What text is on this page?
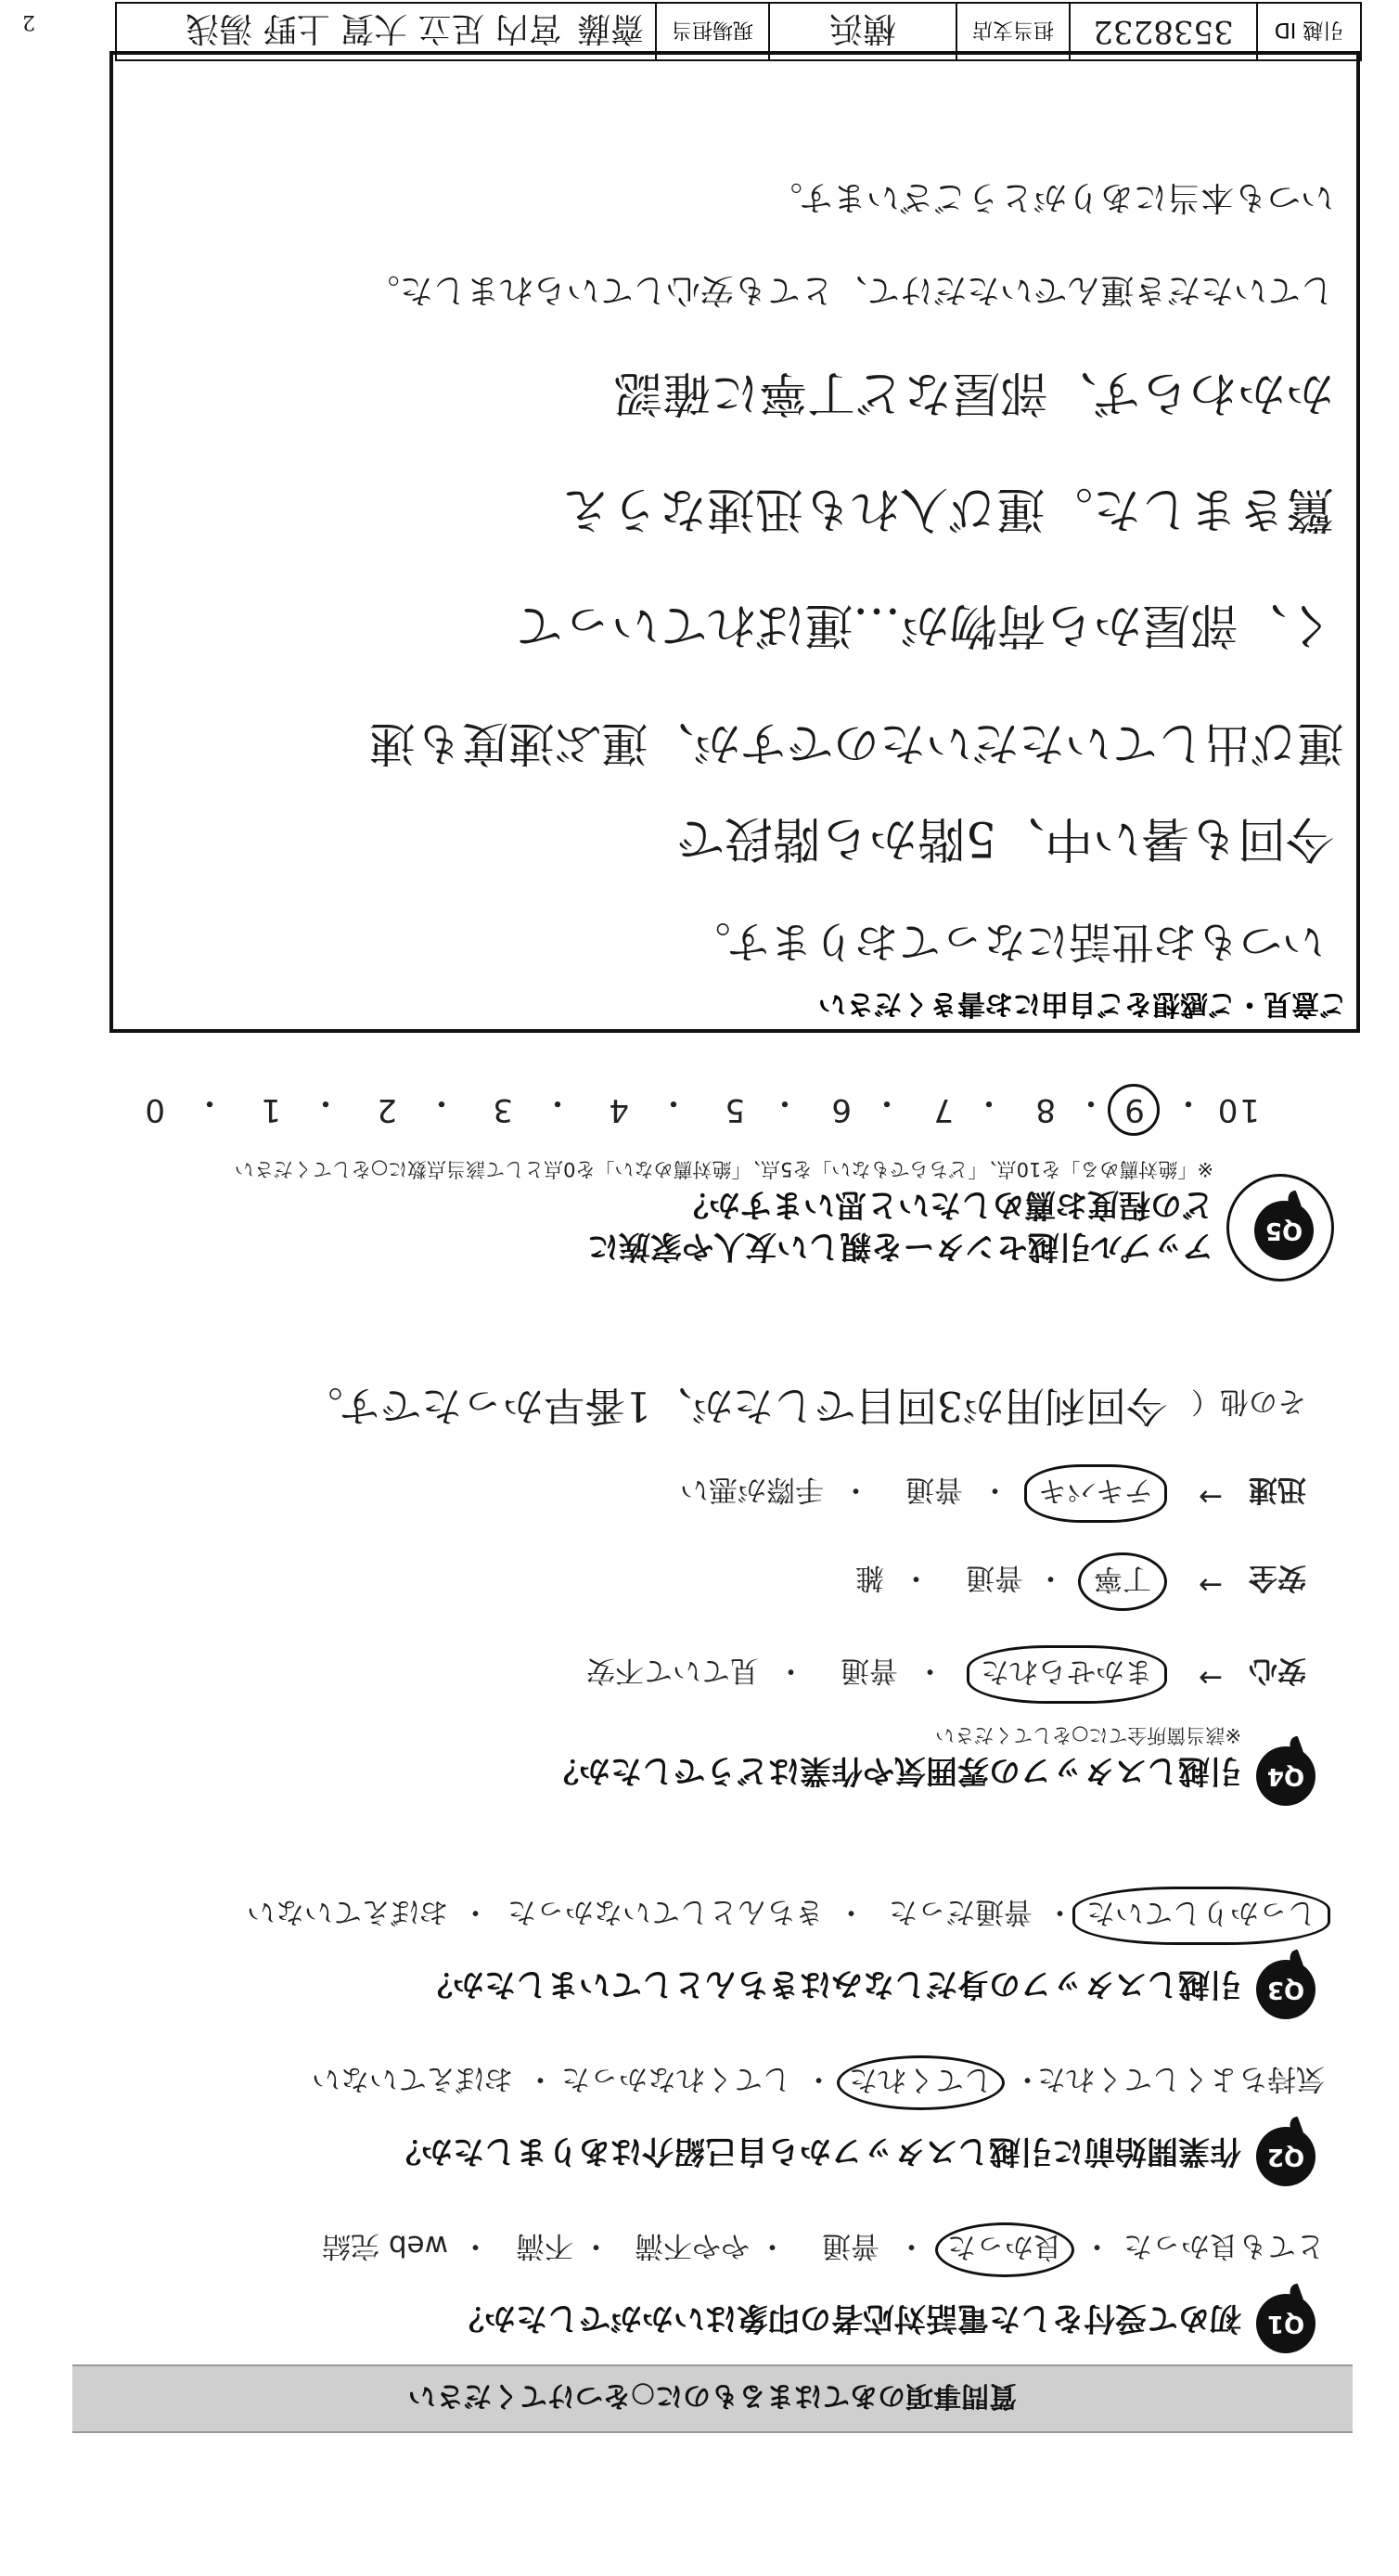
質問事項のあてはまるものに○をつけてください
Q1
初めて受付をした電話対応者の印象はいかがでしたか？
とても良かった
・
良かった
・
普通
・
やや不満
・
不満
・
web 完結
Q2
作業開始前に引越しスタッフから自己紹介はありましたか？
気持ちよくしてくれた
・
してくれた
・
してくれなかった
・
おぼえていない
Q3
引越しスタッフの身だしなみはきちんとしていましたか？
しっかりしていた
・
普通だった
・
きちんとしていなかった
・
おぼえていない
Q4
引越しスタッフの雰囲気や作業はどうでしたか？
※該当箇所全てに○をしてください
安心
→
まかせられた
・
普通
・
見ていて不安
安全
→
丁寧
・
普通
・
雑
迅速
→
テキパキ
・
普通
・
手際が悪い
その他（
今回利用が3回目でしたが、1番早かったです。
Q5
アップル引越センターを親しい友人や家族に
どの程度お薦めしたいと思いますか？
※「絶対薦める」を10点、「どちらでもない」を5点、「絶対薦めない」を0点として該当点数に○をしてください
10
・
9
・
8
・
7
・
6
・
5
・
4
・
3
・
2
・
1
・
0
ご意見・ご感想をご自由にお書きください
いつもお世話になっております。
今回も暑い中、5階から階段で
運び出していただいたのですが、運ぶ速度も速
く、部屋から荷物が…運ばれていって
驚きました。運び入れも迅速なうえ
かかわらず、部屋など丁寧に確認
していただき運んでいただけて、とても安心していられました。
いつも本当にありがとうございます。
引越 ID
3538232
担当支店
横浜
現場担当
齋藤
宮内 足立 大賀 上野 湯浅
2
